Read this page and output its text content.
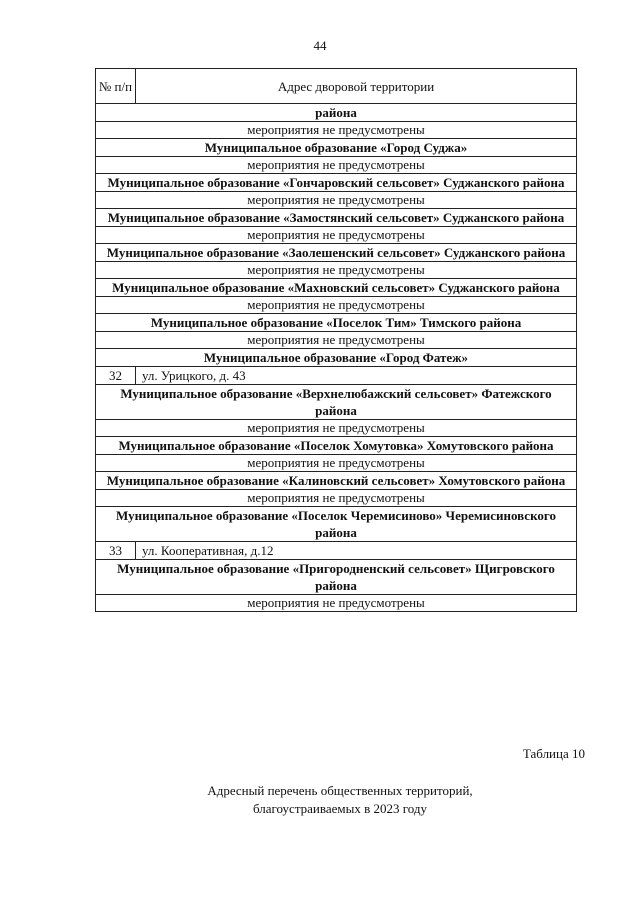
44
№ п/п	Адрес дворовой территории
района	
мероприятия не предусмотрены	
Муниципальное образование «Город Суджа»	
мероприятия не предусмотрены	
Муниципальное образование «Гончаровский сельсовет» Суджанского района	
мероприятия не предусмотрены	
Муниципальное образование «Замостянский сельсовет» Суджанского района	
мероприятия не предусмотрены	
Муниципальное образование «Заолешенский сельсовет» Суджанского района	
мероприятия не предусмотрены	
Муниципальное образование «Махновский сельсовет» Суджанского района	
мероприятия не предусмотрены	
Муниципальное образование «Поселок Тим» Тимского района	
мероприятия не предусмотрены	
Муниципальное образование «Город Фатеж»	
32	ул. Урицкого, д. 43
Муниципальное образование «Верхнелюбажский сельсовет» Фатежского района	
мероприятия не предусмотрены	
Муниципальное образование «Поселок Хомутовка» Хомутовского района	
мероприятия не предусмотрены	
Муниципальное образование «Калиновский сельсовет» Хомутовского района	
мероприятия не предусмотрены	
Муниципальное образование «Поселок Черемисиново» Черемисиновского района	
33	ул. Кооперативная, д.12
Муниципальное образование «Пригородненский сельсовет» Щигровского района	
мероприятия не предусмотрены	
Таблица 10
Адресный перечень общественных территорий,
благоустраиваемых в 2023 году
